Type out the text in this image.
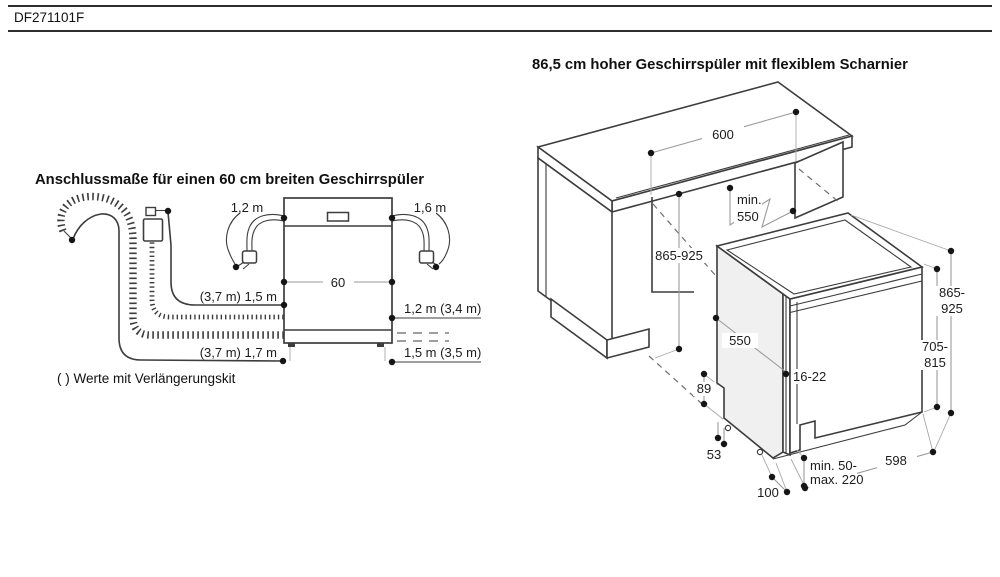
DF271101F
Anschlussmaße für einen 60 cm breiten Geschirrspüler
86,5 cm hoher Geschirrspüler mit flexiblem Scharnier
1,2 m	1,6 m
60
(3,7 m) 1,5 m
(3,7 m) 1,7 m
1,2 m (3,4 m)
1,5 m (3,5 m)
600
min.
550
865-925
550
16-22
89
53
100
min. 50-
max. 220
598
865-
925
705-
815
( ) Werte mit Verlängerungskit
